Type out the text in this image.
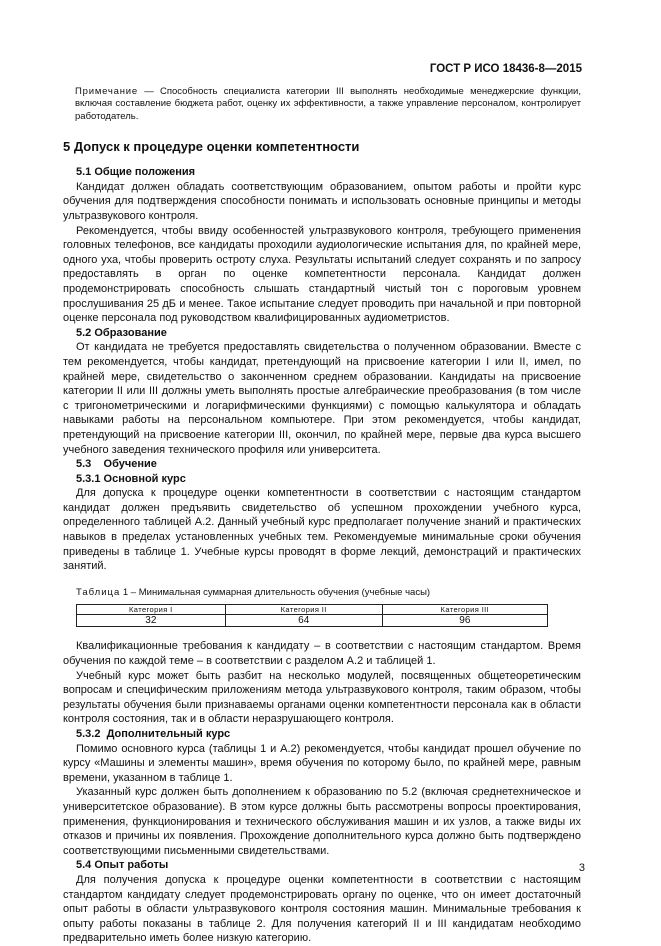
ГОСТ Р ИСО 18436-8—2015
Примечание — Способность специалиста категории III выполнять необходимые менеджерские функции, включая составление бюджета работ, оценку их эффективности, а также управление персоналом, контролирует работодатель.
5 Допуск к процедуре оценки компетентности
5.1 Общие положения

Кандидат должен обладать соответствующим образованием, опытом работы и пройти курс обучения для подтверждения способности понимать и использовать основные принципы и методы ультразвукового контроля.

Рекомендуется, чтобы ввиду особенностей ультразвукового контроля, требующего применения головных телефонов, все кандидаты проходили аудиологические испытания для, по крайней мере, одного уха, чтобы проверить остроту слуха. Результаты испытаний следует сохранять и по запросу предоставлять в орган по оценке компетентности персонала. Кандидат должен продемонстрировать способность слышать стандартный чистый тон с пороговым уровнем прослушивания 25 дБ и менее. Такое испытание следует проводить при начальной и при повторной оценке персонала под руководством квалифицированных аудиометристов.

5.2 Образование

От кандидата не требуется предоставлять свидетельства о полученном образовании. Вместе с тем рекомендуется, чтобы кандидат, претендующий на присвоение категории I или II, имел, по крайней мере, свидетельство о законченном среднем образовании. Кандидаты на присвоение категории II или III должны уметь выполнять простые алгебраические преобразования (в том числе с тригонометрическими и логарифмическими функциями) с помощью калькулятора и обладать навыками работы на персональном компьютере. При этом рекомендуется, чтобы кандидат, претендующий на присвоение категории III, окончил, по крайней мере, первые два курса высшего учебного заведения технического профиля или университета.

5.3    Обучение
5.3.1 Основной курс

Для допуска к процедуре оценки компетентности в соответствии с настоящим стандартом кандидат должен предъявить свидетельство об успешном прохождении учебного курса, определенного таблицей А.2. Данный учебный курс предполагает получение знаний и практических навыков в пределах установленных учебных тем. Рекомендуемые минимальные сроки обучения приведены в таблице 1. Учебные курсы проводят в форме лекций, демонстраций и практических занятий.

Таблица 1 – Минимальная суммарная длительность обучения (учебные часы)
Категория I	Категория II	Категория III
32	64	96

Квалификационные требования к кандидату – в соответствии с настоящим стандартом. Время обучения по каждой теме – в соответствии с разделом А.2 и таблицей 1.

Учебный курс может быть разбит на несколько модулей, посвященных общетеоретическим вопросам и специфическим приложениям метода ультразвукового контроля, таким образом, чтобы результаты обучения были признаваемы органами оценки компетентности персонала как в области контроля состояния, так и в области неразрушающего контроля.

5.3.2  Дополнительный курс

Помимо основного курса (таблицы 1 и А.2) рекомендуется, чтобы кандидат прошел обучение по курсу «Машины и элементы машин», время обучения по которому было, по крайней мере, равным времени, указанном в таблице 1.

Указанный курс должен быть дополнением к образованию по 5.2 (включая среднетехническое и университетское образование). В этом курсе должны быть рассмотрены вопросы проектирования, применения, функционирования и технического обслуживания машин и их узлов, а также виды их отказов и причины их появления. Прохождение дополнительного курса должно быть подтверждено соответствующими письменными свидетельствами.

5.4 Опыт работы

Для получения допуска к процедуре оценки компетентности в соответствии с настоящим стандартом кандидату следует продемонстрировать органу по оценке, что он имеет достаточный опыт работы в области ультразвукового контроля состояния машин. Минимальные требования к опыту работы показаны в таблице 2. Для получения категорий II и III кандидатам необходимо предварительно иметь более низкую категорию.

3
